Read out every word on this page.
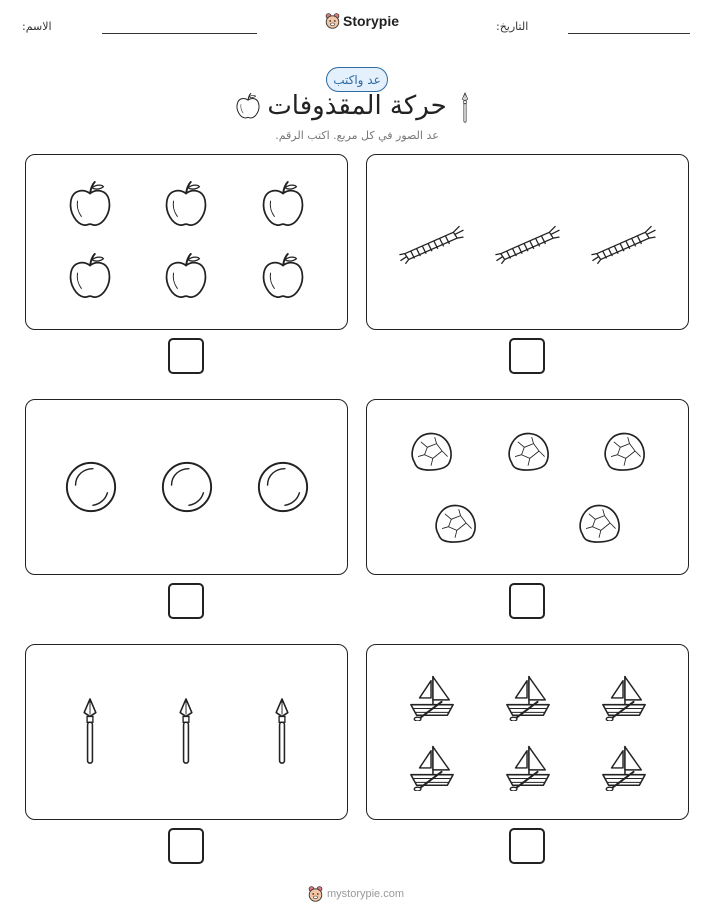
الاسم:	Storypie	التاريخ:
عد واكتب
حركة المقذوفات
عد الصور في كل مربع. اكتب الرقم.
mystorypie.com
